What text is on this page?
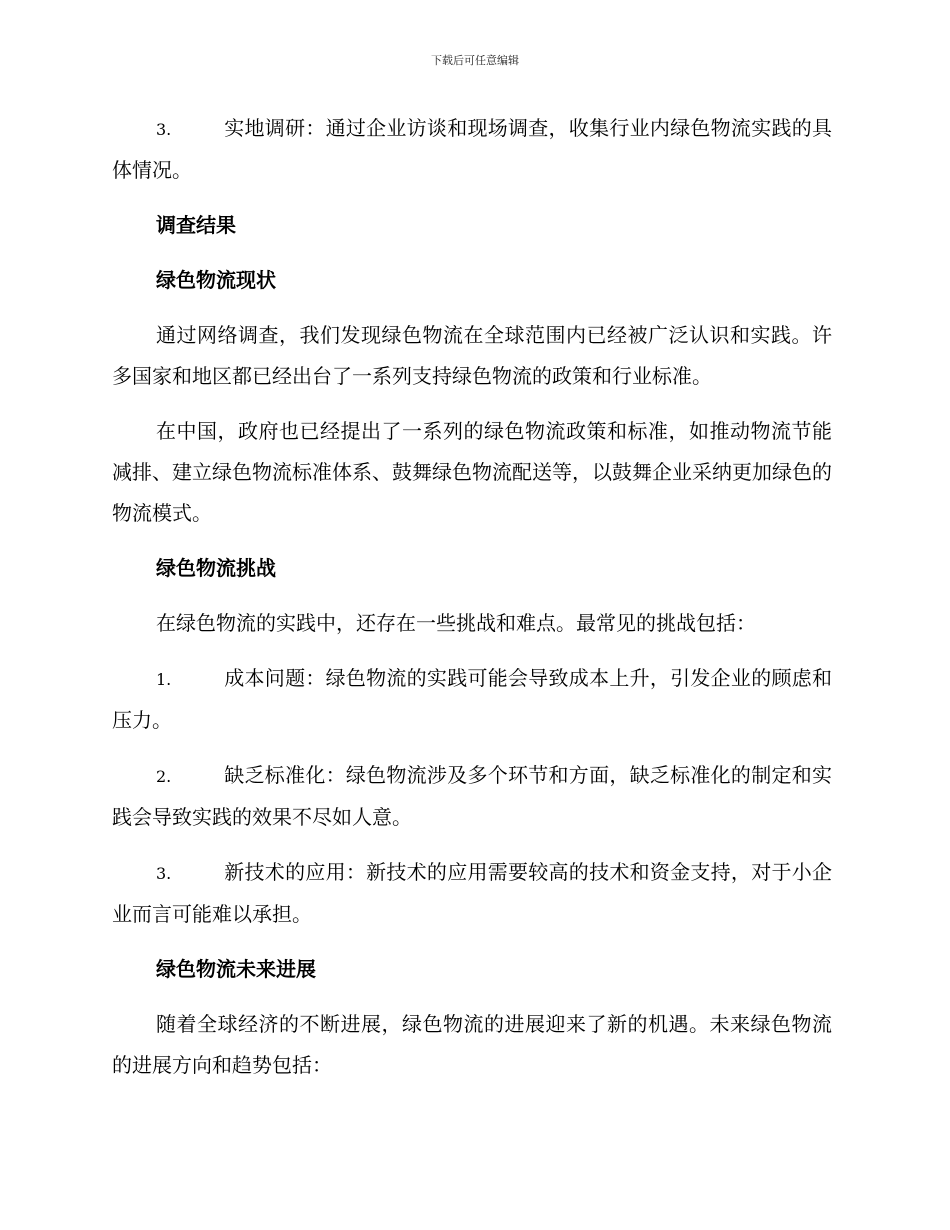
下载后可任意编辑
3.	实地调研：通过企业访谈和现场调查，收集行业内绿色物流实践的具体情况。
调查结果
绿色物流现状

通过网络调查，我们发现绿色物流在全球范围内已经被广泛认识和实践。许多国家和地区都已经出台了一系列支持绿色物流的政策和行业标准。

在中国，政府也已经提出了一系列的绿色物流政策和标准，如推动物流节能减排、建立绿色物流标准体系、鼓舞绿色物流配送等，以鼓舞企业采纳更加绿色的物流模式。

绿色物流挑战

在绿色物流的实践中，还存在一些挑战和难点。最常见的挑战包括：

1.	成本问题：绿色物流的实践可能会导致成本上升，引发企业的顾虑和压力。
2.	缺乏标准化：绿色物流涉及多个环节和方面，缺乏标准化的制定和实践会导致实践的效果不尽如人意。
3.	新技术的应用：新技术的应用需要较高的技术和资金支持，对于小企业而言可能难以承担。
绿色物流未来进展

随着全球经济的不断进展，绿色物流的进展迎来了新的机遇。未来绿色物流的进展方向和趋势包括：
